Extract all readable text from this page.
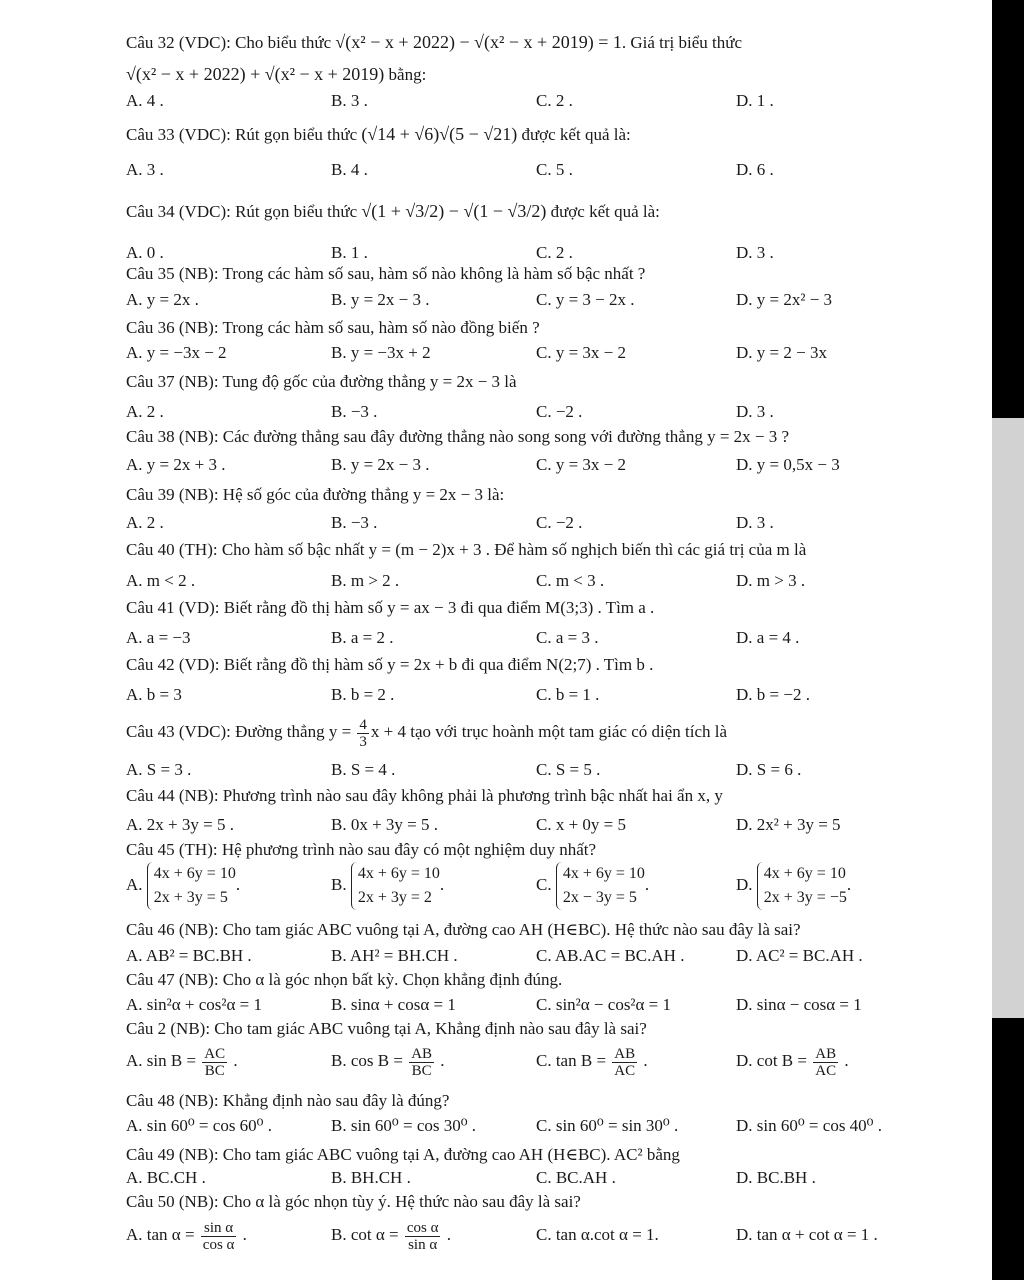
Câu 32 (VDC): Cho biểu thức √(x² − x + 2022) − √(x² − x + 2019) = 1. Giá trị biểu thức
√(x² − x + 2022) + √(x² − x + 2019) bằng:
A. 4 .	B. 3 .	C. 2 .	D. 1 .
Câu 33 (VDC): Rút gọn biểu thức (√14 + √6)√(5 − √21) được kết quả là:
A. 3 .	B. 4 .	C. 5 .	D. 6 .
Câu 34 (VDC): Rút gọn biểu thức √(1 + √3/2) − √(1 − √3/2) được kết quả là:
A. 0 .	B. 1 .	C. 2 .	D. 3 .
Câu 35 (NB): Trong các hàm số sau, hàm số nào không là hàm số bậc nhất ?
A. y = 2x .	B. y = 2x − 3 .	C. y = 3 − 2x .	D. y = 2x² − 3
Câu 36 (NB): Trong các hàm số sau, hàm số nào đồng biến ?
A. y = −3x − 2	B. y = −3x + 2	C. y = 3x − 2	D. y = 2 − 3x
Câu 37 (NB): Tung độ gốc của đường thẳng y = 2x − 3 là
A. 2 .	B. −3 .	C. −2 .	D. 3 .
Câu 38 (NB): Các đường thẳng sau đây đường thẳng nào song song với đường thẳng y = 2x − 3 ?
A. y = 2x + 3 .	B. y = 2x − 3 .	C. y = 3x − 2	D. y = 0,5x − 3
Câu 39 (NB): Hệ số góc của đường thẳng y = 2x − 3 là:
A. 2 .	B. −3 .	C. −2 .	D. 3 .
Câu 40 (TH): Cho hàm số bậc nhất y = (m − 2)x + 3 . Để hàm số nghịch biến thì các giá trị của m là
A. m < 2 .	B. m > 2 .	C. m < 3 .	D. m > 3 .
Câu 41 (VD): Biết rằng đồ thị hàm số y = ax − 3 đi qua điểm M(3;3) . Tìm a .
A. a = −3	B. a = 2 .	C. a = 3 .	D. a = 4 .
Câu 42 (VD): Biết rằng đồ thị hàm số y = 2x + b đi qua điểm N(2;7) . Tìm b .
A. b = 3	B. b = 2 .	C. b = 1 .	D. b = −2 .
Câu 43 (VDC): Đường thẳng $y = \frac{4}{3}$ x + 4 tạo với trục hoành một tam giác có diện tích là
A. S = 3 .	B. S = 4 .	C. S = 5 .	D. S = 6 .
Câu 44 (NB): Phương trình nào sau đây không phải là phương trình bậc nhất hai ẩn x, y
A. 2x + 3y = 5 .	B. 0x + 3y = 5 .	C. x + 0y = 5	D. 2x² + 3y = 5
Câu 45 (TH): Hệ phương trình nào sau đây có một nghiệm duy nhất?
A. 4x + 6y = 10
2x + 3y = 5.	B. 4x + 6y = 10
2x + 3y = 2.	C. 4x + 6y = 10
2x − 3y = 5.	D. 4x + 6y = 10
2x + 3y = −5.
Câu 46 (NB): Cho tam giác ABC vuông tại A, đường cao AH (H∈BC). Hệ thức nào sau đây là sai?
A. AB² = BC.BH .	B. AH² = BH.CH .	C. AB.AC = BC.AH .	D. AC² = BC.AH .
Câu 47 (NB): Cho α là góc nhọn bất kỳ. Chọn khẳng định đúng.
A. sin²α + cos²α = 1	B. sinα + cosα = 1	C. sin²α − cos²α = 1	D. sinα − cosα = 1
Câu 2 (NB): Cho tam giác ABC vuông tại A, Khẳng định nào sau đây là sai?
A. $\sin B = \frac{AC}{BC}$ .	B. $\cos B = \frac{AB}{BC}$ .	C. $\tan B = \frac{AB}{AC}$ .	D. $\cot B = \frac{AB}{AC}$ .
Câu 48 (NB): Khẳng định nào sau đây là đúng?
A. sin 60⁰ = cos 60⁰ .	B. sin 60⁰ = cos 30⁰ .	C. sin 60⁰ = sin 30⁰ .	D. sin 60⁰ = cos 40⁰ .
Câu 49 (NB): Cho tam giác ABC vuông tại A, đường cao AH (H∈BC). AC² bằng
A. BC.CH .	B. BH.CH .	C. BC.AH .	D. BC.BH .
Câu 50 (NB): Cho α là góc nhọn tùy ý. Hệ thức nào sau đây là sai?
A. $\tan \alpha = \frac{\text{sin α}}{\text{cos α}}$ .	B. $\cot \alpha = \frac{\text{cos α}}{\text{sin α}}$ .	C. tan α.cot α = 1.	D. tan α + cot α = 1 .
